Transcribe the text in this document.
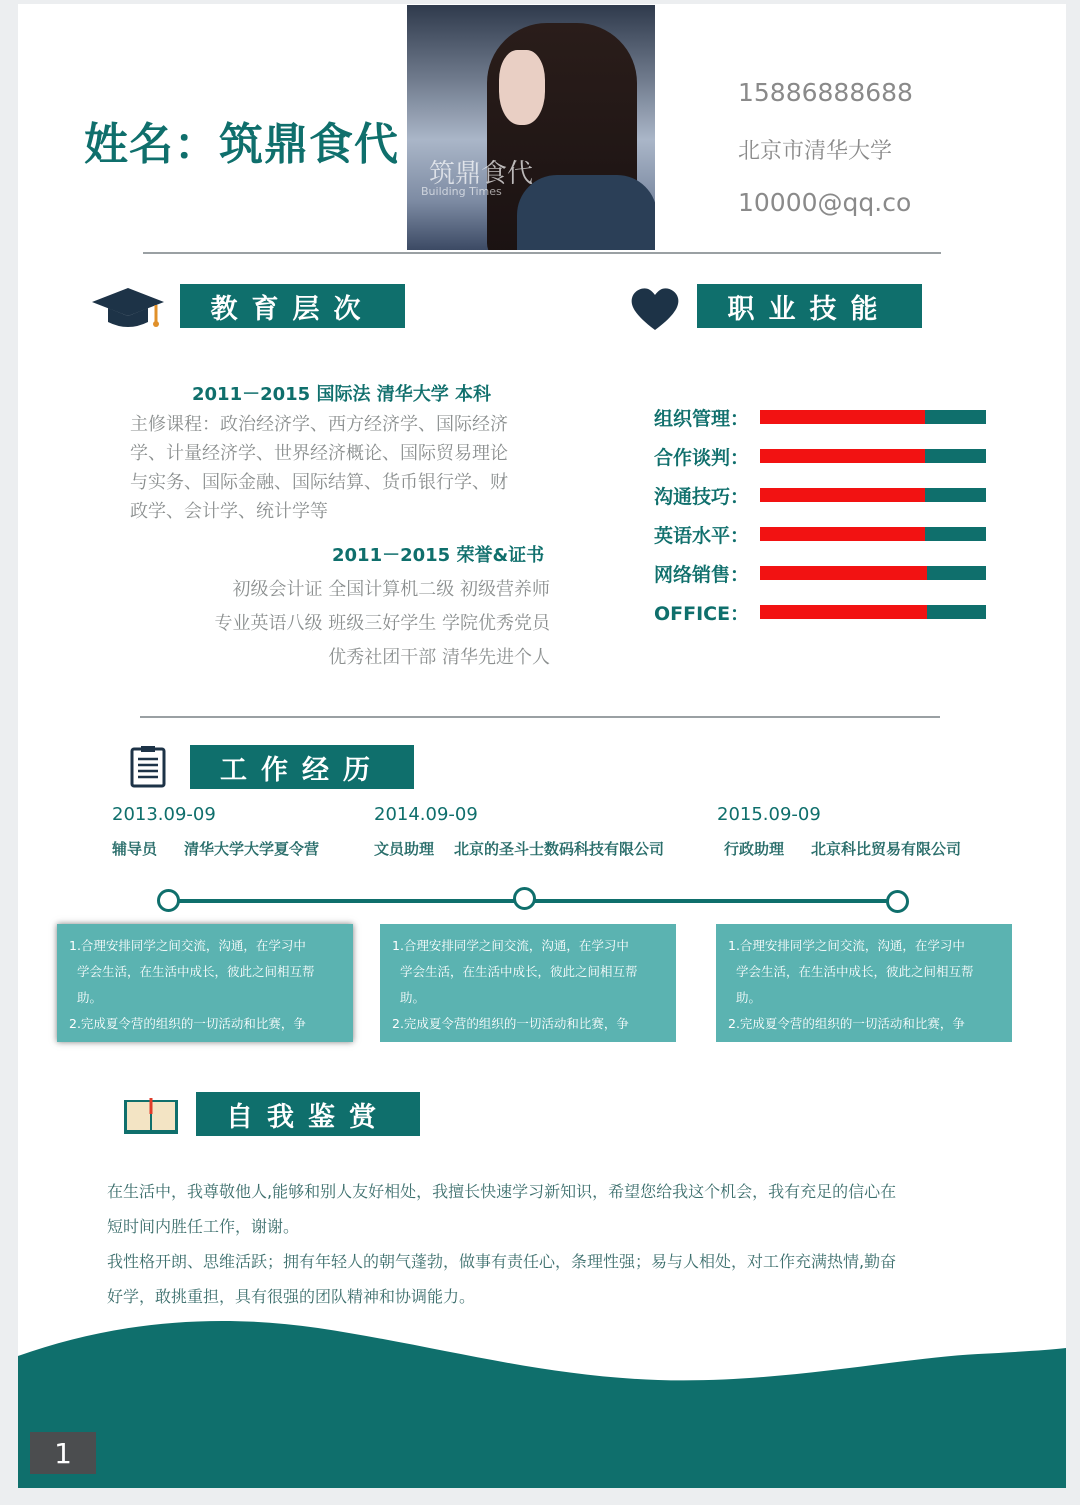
姓名：筑鼎食代
筑鼎食代
Building Times
15886888688
北京市清华大学
10000@qq.co
教育层次
2011－2015 国际法 清华大学 本科
主修课程：政治经济学、西方经济学、国际经济
学、计量经济学、世界经济概论、国际贸易理论
与实务、国际金融、国际结算、货币银行学、财
政学、会计学、统计学等
2011－2015 荣誉&证书
初级会计证 全国计算机二级 初级营养师
专业英语八级 班级三好学生 学院优秀党员
优秀社团干部 清华先进个人
职业技能
组织管理：
合作谈判：
沟通技巧：
英语水平：
网络销售：
OFFICE：
工作经历
2013.09-09
辅导员 清华大学大学夏令营
2014.09-09
文员助理 北京的圣斗士数码科技有限公司
2015.09-09
行政助理 北京科比贸易有限公司
1.合理安排同学之间交流，沟通，在学习中
学会生活，在生活中成长，彼此之间相互帮
助。
2.完成夏令营的组织的一切活动和比赛，争
1.合理安排同学之间交流，沟通，在学习中
学会生活，在生活中成长，彼此之间相互帮
助。
2.完成夏令营的组织的一切活动和比赛，争
1.合理安排同学之间交流，沟通，在学习中
学会生活，在生活中成长，彼此之间相互帮
助。
2.完成夏令营的组织的一切活动和比赛，争
自我鉴赏
在生活中，我尊敬他人,能够和别人友好相处，我擅长快速学习新知识，希望您给我这个机会，我有充足的信心在
短时间内胜任工作，谢谢。
我性格开朗、思维活跃；拥有年轻人的朝气蓬勃，做事有责任心，条理性强；易与人相处，对工作充满热情,勤奋
好学，敢挑重担，具有很强的团队精神和协调能力。
1
